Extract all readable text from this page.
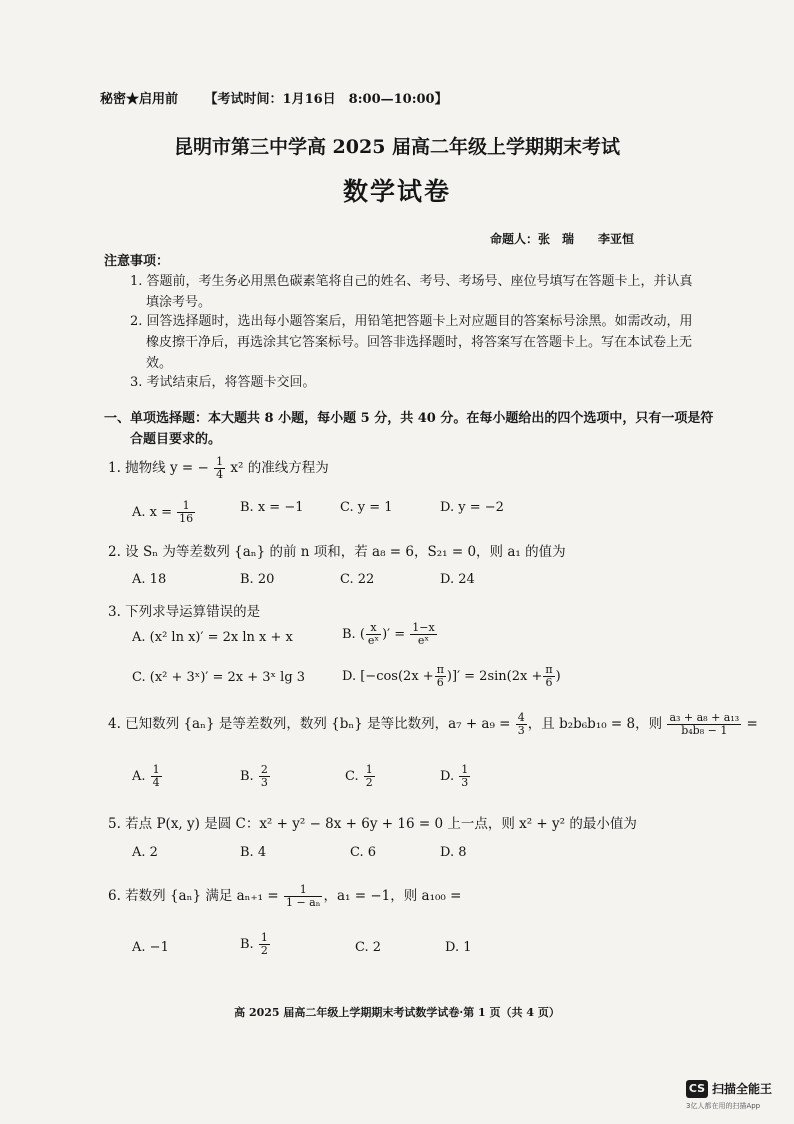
秘密★启用前 【考试时间：1月16日　8:00—10:00】
昆明市第三中学高 2025 届高二年级上学期期末考试
数学试卷
命题人：张　瑞　　李亚恒
注意事项：
1. 答题前，考生务必用黑色碳素笔将自己的姓名、考号、考场号、座位号填写在答题卡上，并认真
填涂考号。
2. 回答选择题时，选出每小题答案后，用铅笔把答题卡上对应题目的答案标号涂黑。如需改动，用
橡皮擦干净后，再选涂其它答案标号。回答非选择题时，将答案写在答题卡上。写在本试卷上无
效。
3. 考试结束后，将答题卡交回。
一、单项选择题：本大题共 8 小题，每小题 5 分，共 40 分。在每小题给出的四个选项中，只有一项是符
合题目要求的。
1. 抛物线 y = − $\frac{1}{4} x^2$ 的准线方程为
A. $x = \frac{1}{16}$	B. x = −1	C. y = 1	D. y = −2
2. 设 Sₙ 为等差数列 {aₙ} 的前 n 项和，若 a₈ = 6，S₂₁ = 0，则 a₁ 的值为
A. 18	B. 20	C. 22	D. 24
3. 下列求导运算错误的是
A. (x² ln x)′ = 2x ln x + x	B. ( $\frac{x}{\text{eˣ}}$ )′ = $\frac{1-x}{\text{eˣ}}$
C. (x² + 3ˣ)′ = 2x + 3ˣ lg 3	D. [$-\cos(2x + \frac{\pi}{6}$ )]′ = $2\sin(2x + \frac{\pi}{6}$ )
4. 已知数列 {aₙ} 是等差数列，数列 {bₙ} 是等比数列，$a_7 + a_9 = \frac{4}{3}$ ，且 b₂b₆b₁₀ = 8，则 $\frac{\text{a₃ + a₈ + a₁₃}}{\text{b₄b₈ − 1}}$ =
A. $\frac{1}{4}$	B. $\frac{2}{3}$	C. $\frac{1}{2}$	D. $\frac{1}{3}$
5. 若点 P(x, y) 是圆 C：x² + y² − 8x + 6y + 16 = 0 上一点，则 x² + y² 的最小值为
A. 2	B. 4	C. 6	D. 8
6. 若数列 {aₙ} 满足 $a_{n+1} = \frac{1}{\text{1 − aₙ}}$ ，a₁ = −1，则 a₁₀₀ =
A. −1	B. $\frac{1}{2}$	C. 2	D. 1
高 2025 届高二年级上学期期末考试数学试卷·第 1 页（共 4 页）
CS 扫描全能王
3亿人都在用的扫描App
